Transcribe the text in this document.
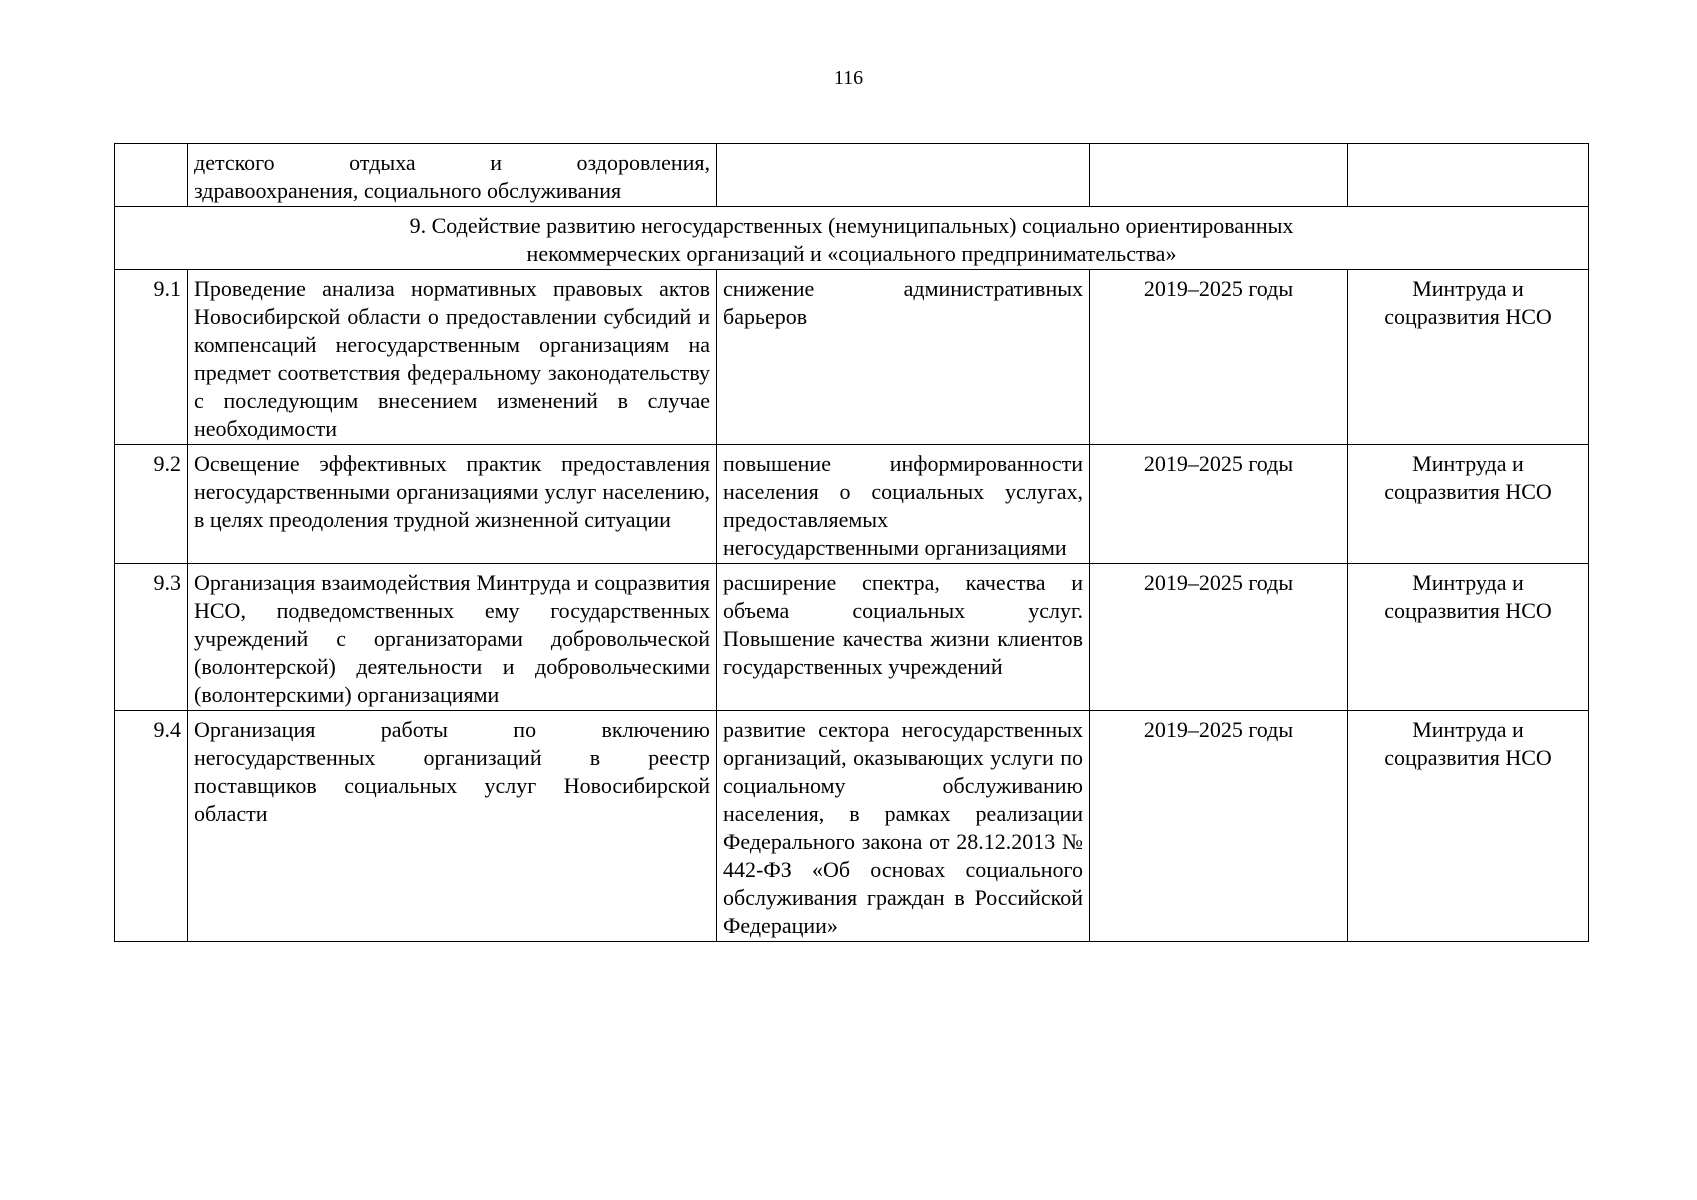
116

	детского отдыха и оздоровления,
здравоохранения, социального обслуживания			

9. Содействие развитию негосударственных (немуниципальных) социально ориентированных
некоммерческих организаций и «социального предпринимательства»				

9.1	Проведение анализа нормативных правовых актов Новосибирской области о предоставлении субсидий и компенсаций негосударственным организациям на предмет соответствия федеральному законодательству с последующим внесением изменений в случае необходимости	снижение административных барьеров	2019–2025 годы	Минтруда и
соцразвития НСО

9.2	Освещение эффективных практик предоставления негосударственными организациями услуг населению, в целях преодоления трудной жизненной ситуации	повышение информированности населения о социальных услугах, предоставляемых негосударственными организациями	2019–2025 годы	Минтруда и
соцразвития НСО

9.3	Организация взаимодействия Минтруда и соцразвития НСО, подведомственных ему государственных учреждений с организаторами добровольческой (волонтерской) деятельности и добровольческими (волонтерскими) организациями	расширение спектра, качества и объема социальных услуг. Повышение качества жизни клиентов государственных учреждений	2019–2025 годы	Минтруда и
соцразвития НСО

9.4	Организация работы по включению негосударственных организаций в реестр поставщиков социальных услуг Новосибирской области	развитие сектора негосударственных организаций, оказывающих услуги по социальному обслуживанию населения, в рамках реализации Федерального закона от 28.12.2013 № 442-ФЗ «Об основах социального обслуживания граждан в Российской Федерации»	2019–2025 годы	Минтруда и
соцразвития НСО
